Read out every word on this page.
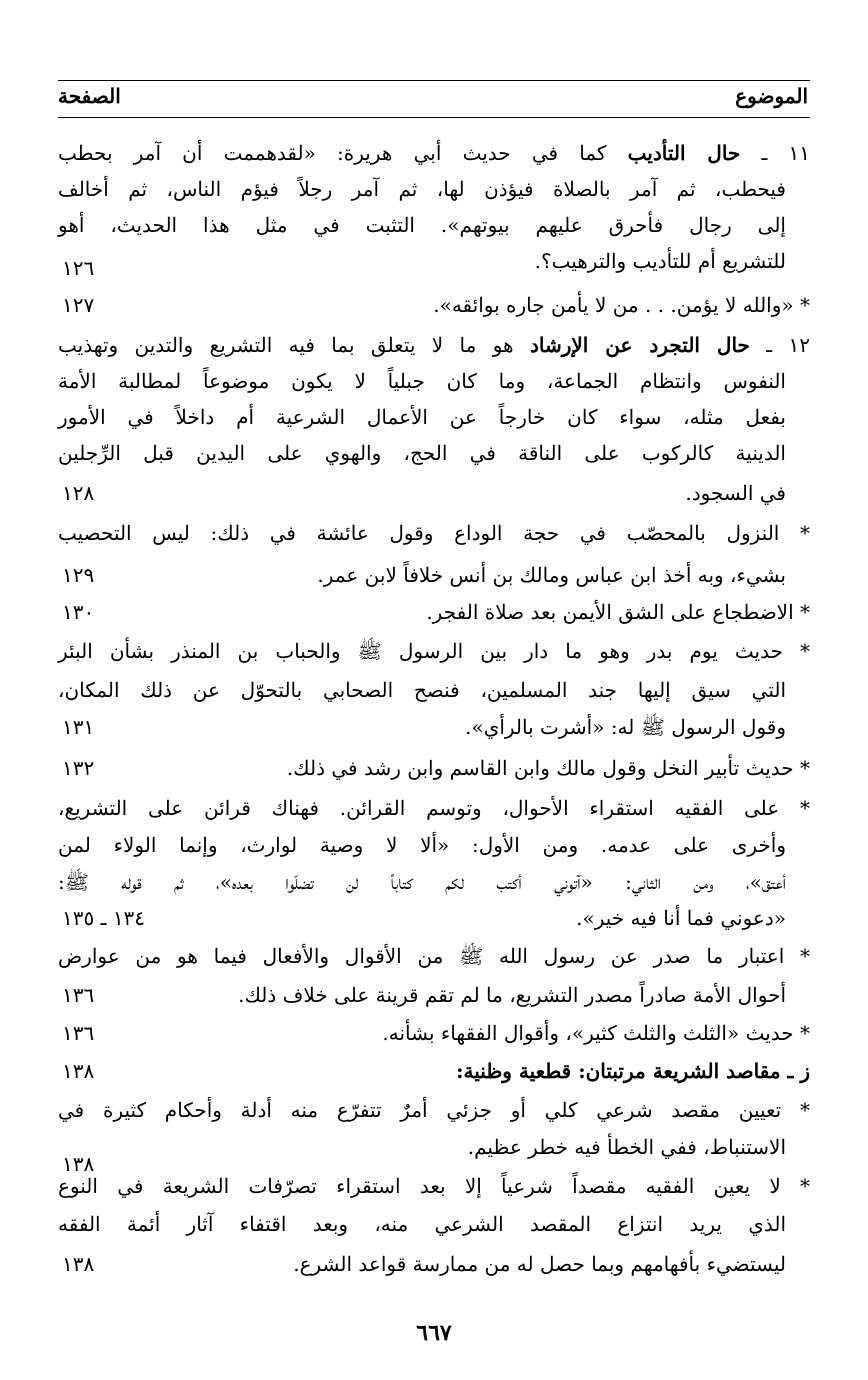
الموضوع
الصفحة
١١ ـ حال التأديب كما في حديث أبي هريرة: «لقدهممت أن آمر بحطب
فيحطب، ثم آمر بالصلاة فيؤذن لها، ثم آمر رجلاً فيؤم الناس، ثم أخالف
إلى رجال فأحرق عليهم بيوتهم». التثبت في مثل هذا الحديث، أهو
للتشريع أم للتأديب والترهيب؟.
١٢٦
* «والله لا يؤمن. . . من لا يأمن جاره بوائقه».
١٢٧
١٢ ـ حال التجرد عن الإرشاد هو ما لا يتعلق بما فيه التشريع والتدين وتهذيب
النفوس وانتظام الجماعة، وما كان جبلياً لا يكون موضوعاً لمطالبة الأمة
بفعل مثله، سواء كان خارجاً عن الأعمال الشرعية أم داخلاً في الأمور
الدينية كالركوب على الناقة في الحج، والهوي على اليدين قبل الرِّجلين
في السجود.
١٢٨
* النزول بالمحصّب في حجة الوداع وقول عائشة في ذلك: ليس التحصيب
بشيء، وبه أخذ ابن عباس ومالك بن أنس خلافاً لابن عمر.
١٢٩
* الاضطجاع على الشق الأيمن بعد صلاة الفجر.
١٣٠
* حديث يوم بدر وهو ما دار بين الرسول ﷺ والحباب بن المنذر بشأن البئر
التي سيق إليها جند المسلمين، فنصح الصحابي بالتحوّل عن ذلك المكان،
وقول الرسول ﷺ له: «أشرت بالرأي».
١٣١
* حديث تأبير النخل وقول مالك وابن القاسم وابن رشد في ذلك.
١٣٢
* على الفقيه استقراء الأحوال، وتوسم القرائن. فهناك قرائن على التشريع،
وأخرى على عدمه. ومن الأول: «ألا لا وصية لوارث، وإنما الولاء لمن
أعتق»، ومن الثاني: «آتوني أكتب لكم كتاباً لن تضلّوا بعده»، ثم قوله ﷺ:
«دعوني فما أنا فيه خير».
١٣٤ ـ ١٣٥
* اعتبار ما صدر عن رسول الله ﷺ من الأقوال والأفعال فيما هو من عوارض
أحوال الأمة صادراً مصدر التشريع، ما لم تقم قرينة على خلاف ذلك.
١٣٦
* حديث «الثلث والثلث كثير»، وأقوال الفقهاء بشأنه.
١٣٦
ز ـ مقاصد الشريعة مرتبتان: قطعية وظنية:
١٣٨
* تعيين مقصد شرعي كلي أو جزئي أمرٌ تتفرّع منه أدلة وأحكام كثيرة في
الاستنباط، ففي الخطأ فيه خطر عظيم.
١٣٨
* لا يعين الفقيه مقصداً شرعياً إلا بعد استقراء تصرّفات الشريعة في النوع
الذي يريد انتزاع المقصد الشرعي منه، وبعد اقتفاء آثار أئمة الفقه
ليستضيء بأفهامهم وبما حصل له من ممارسة قواعد الشرع.
١٣٨
٦٦٧
